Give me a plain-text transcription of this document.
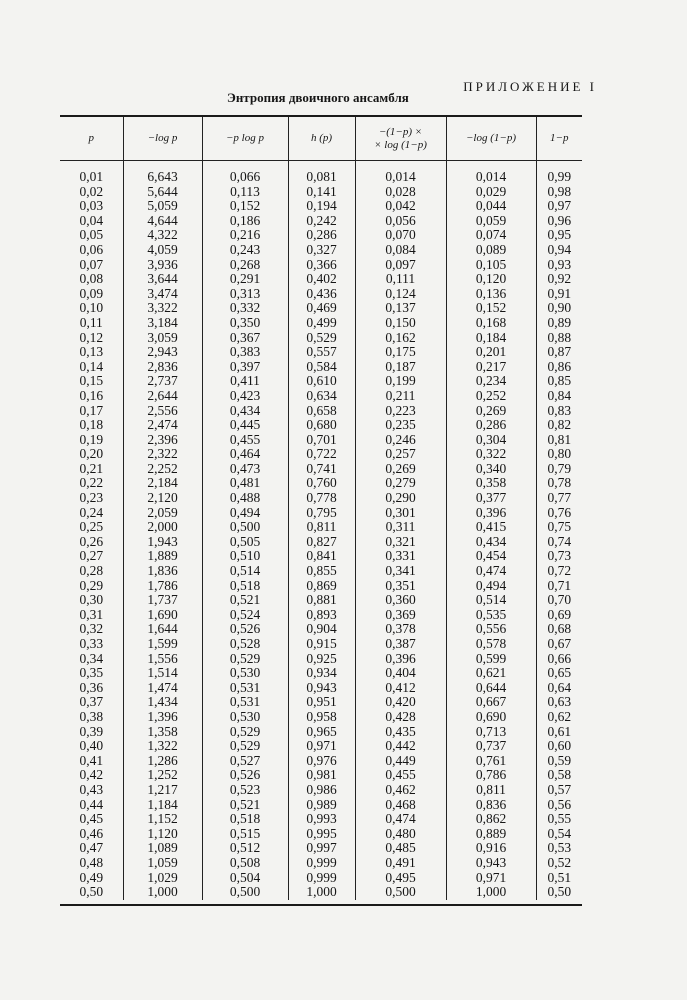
ПРИЛОЖЕНИЕ I
Энтропия двоичного ансамбля
p	−log p	−p log p	h (p)	−(1−p) ×
× log (1−p)	−log (1−p)	1−p

0,01	6,643	0,066	0,081	0,014	0,014	0,99
0,02	5,644	0,113	0,141	0,028	0,029	0,98
0,03	5,059	0,152	0,194	0,042	0,044	0,97
0,04	4,644	0,186	0,242	0,056	0,059	0,96
0,05	4,322	0,216	0,286	0,070	0,074	0,95
0,06	4,059	0,243	0,327	0,084	0,089	0,94
0,07	3,936	0,268	0,366	0,097	0,105	0,93
0,08	3,644	0,291	0,402	0,111	0,120	0,92
0,09	3,474	0,313	0,436	0,124	0,136	0,91
0,10	3,322	0,332	0,469	0,137	0,152	0,90
0,11	3,184	0,350	0,499	0,150	0,168	0,89
0,12	3,059	0,367	0,529	0,162	0,184	0,88
0,13	2,943	0,383	0,557	0,175	0,201	0,87
0,14	2,836	0,397	0,584	0,187	0,217	0,86
0,15	2,737	0,411	0,610	0,199	0,234	0,85
0,16	2,644	0,423	0,634	0,211	0,252	0,84
0,17	2,556	0,434	0,658	0,223	0,269	0,83
0,18	2,474	0,445	0,680	0,235	0,286	0,82
0,19	2,396	0,455	0,701	0,246	0,304	0,81
0,20	2,322	0,464	0,722	0,257	0,322	0,80
0,21	2,252	0,473	0,741	0,269	0,340	0,79
0,22	2,184	0,481	0,760	0,279	0,358	0,78
0,23	2,120	0,488	0,778	0,290	0,377	0,77
0,24	2,059	0,494	0,795	0,301	0,396	0,76
0,25	2,000	0,500	0,811	0,311	0,415	0,75
0,26	1,943	0,505	0,827	0,321	0,434	0,74
0,27	1,889	0,510	0,841	0,331	0,454	0,73
0,28	1,836	0,514	0,855	0,341	0,474	0,72
0,29	1,786	0,518	0,869	0,351	0,494	0,71
0,30	1,737	0,521	0,881	0,360	0,514	0,70
0,31	1,690	0,524	0,893	0,369	0,535	0,69
0,32	1,644	0,526	0,904	0,378	0,556	0,68
0,33	1,599	0,528	0,915	0,387	0,578	0,67
0,34	1,556	0,529	0,925	0,396	0,599	0,66
0,35	1,514	0,530	0,934	0,404	0,621	0,65
0,36	1,474	0,531	0,943	0,412	0,644	0,64
0,37	1,434	0,531	0,951	0,420	0,667	0,63
0,38	1,396	0,530	0,958	0,428	0,690	0,62
0,39	1,358	0,529	0,965	0,435	0,713	0,61
0,40	1,322	0,529	0,971	0,442	0,737	0,60
0,41	1,286	0,527	0,976	0,449	0,761	0,59
0,42	1,252	0,526	0,981	0,455	0,786	0,58
0,43	1,217	0,523	0,986	0,462	0,811	0,57
0,44	1,184	0,521	0,989	0,468	0,836	0,56
0,45	1,152	0,518	0,993	0,474	0,862	0,55
0,46	1,120	0,515	0,995	0,480	0,889	0,54
0,47	1,089	0,512	0,997	0,485	0,916	0,53
0,48	1,059	0,508	0,999	0,491	0,943	0,52
0,49	1,029	0,504	0,999	0,495	0,971	0,51
0,50	1,000	0,500	1,000	0,500	1,000	0,50
